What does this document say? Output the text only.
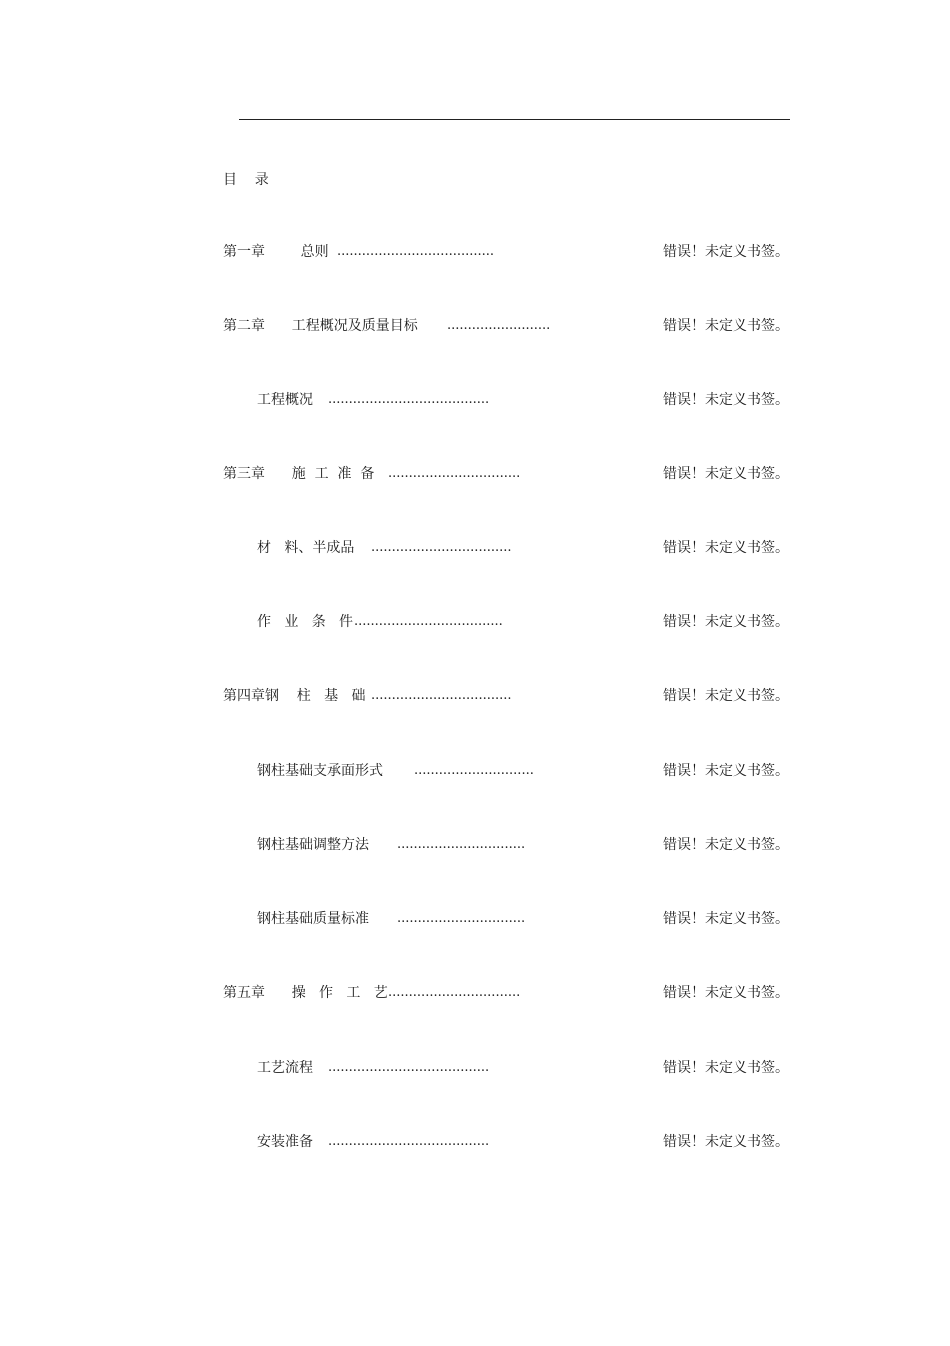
目    录
第一章        总则 ......................................	错误！未定义书签。
第二章      工程概况及质量目标 .........................	错误！未定义书签。
工程概况 .......................................	错误！未定义书签。
第三章      施  工  准  备 ................................	错误！未定义书签。
材   料、半成品 ..................................	错误！未定义书签。
作   业   条   件 ....................................	错误！未定义书签。
第四章钢    柱   基   础 ..................................	错误！未定义书签。
钢柱基础支承面形式 .............................	错误！未定义书签。
钢柱基础调整方法 ...............................	错误！未定义书签。
钢柱基础质量标准 ...............................	错误！未定义书签。
第五章      操   作   工   艺 ................................	错误！未定义书签。
工艺流程 .......................................	错误！未定义书签。
安装准备 .......................................	错误！未定义书签。
